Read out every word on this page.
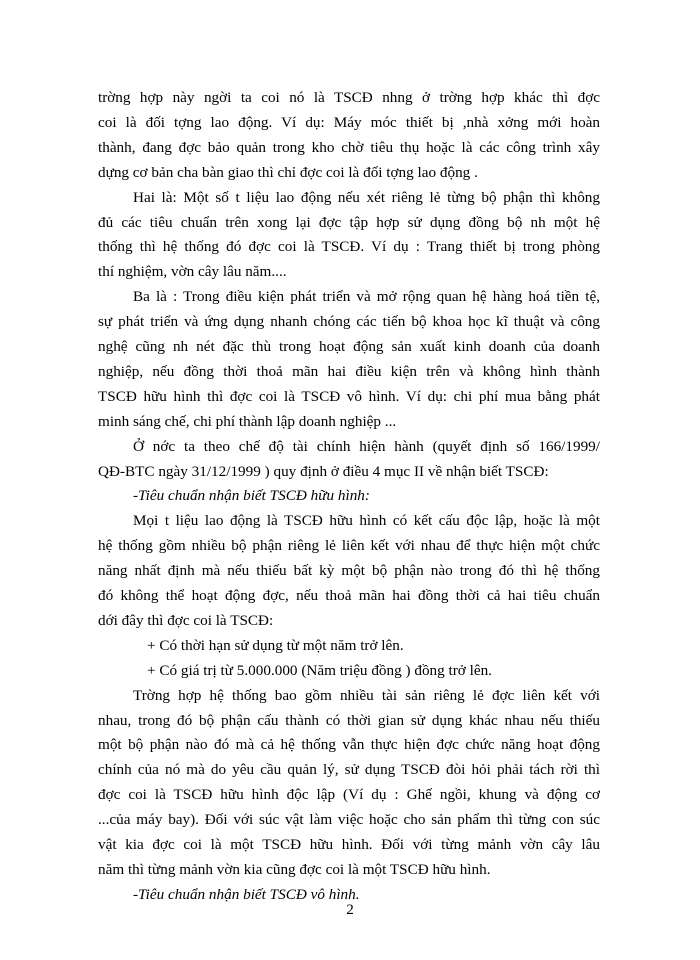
trờng hợp này ngời ta coi nó là TSCĐ nhng ở trờng hợp khác thì đợc
coi là đối tợng lao động. Ví dụ: Máy móc thiết bị ,nhà xởng mới hoàn
thành, đang đợc bảo quản trong kho chờ tiêu thụ hoặc là các công trình xây
dựng cơ bản cha bàn giao thì chỉ đợc coi là đối tợng lao động .
Hai là: Một số t liệu lao động nếu xét riêng lẻ từng bộ phận thì không
đủ các tiêu chuẩn trên xong lại đợc tập hợp sử dụng đồng bộ nh một hệ
thống thì hệ thống đó đợc coi là TSCĐ. Ví dụ : Trang thiết bị trong phòng
thí nghiệm, vờn cây lâu năm....
Ba là : Trong điều kiện phát triển và mở rộng quan hệ hàng hoá tiền tệ,
sự phát triển và ứng dụng nhanh chóng các tiến bộ khoa học kĩ thuật và công
nghệ cũng nh nét đặc thù trong hoạt động sản xuất kinh doanh của doanh
nghiệp, nếu đồng thời thoả mãn hai điều kiện trên và không hình thành
TSCĐ hữu hình thì đợc coi là TSCĐ vô hình. Ví dụ: chi phí mua bằng phát
minh sáng chế, chi phí thành lập doanh nghiệp ...
Ở nớc ta theo chế độ tài chính hiện hành (quyết định số 166/1999/
QĐ-BTC ngày 31/12/1999 ) quy định ở điều 4 mục II về nhận biết TSCĐ:
-Tiêu chuẩn nhận biết TSCĐ hữu hình:
Mọi t liệu lao động là TSCĐ hữu hình có kết cấu độc lập, hoặc là một
hệ thống gồm nhiều bộ phận riêng lẻ liên kết với nhau để thực hiện một chức
năng nhất định mà nếu thiếu bất kỳ một bộ phận nào trong đó thì hệ thống
đó không thể hoạt động đợc, nếu thoả mãn hai đồng thời cả hai tiêu chuẩn
dới đây thì đợc coi là TSCĐ:
+ Có thời hạn sử dụng từ một năm trở lên.
+ Có giá trị từ 5.000.000 (Năm triệu đồng ) đồng trở lên.
Trờng hợp hệ thống bao gồm nhiều tài sản riêng lẻ đợc liên kết với
nhau, trong đó bộ phận cấu thành có thời gian sử dụng khác nhau nếu thiếu
một bộ phận nào đó mà cả hệ thống vẫn thực hiện đợc chức năng hoạt động
chính của nó mà do yêu cầu quản lý, sử dụng TSCĐ đòi hỏi phải tách rời thì
đợc coi là TSCĐ hữu hình độc lập (Ví dụ : Ghế ngồi, khung và động cơ
...của máy bay). Đối với súc vật làm việc hoặc cho sản phẩm thì từng con súc
vật kia đợc coi là một TSCĐ hữu hình. Đối với từng mảnh vờn cây lâu
2
năm thì từng mảnh vờn kia cũng đợc coi là một TSCĐ hữu hình.
-Tiêu chuẩn nhận biết TSCĐ vô hình.
